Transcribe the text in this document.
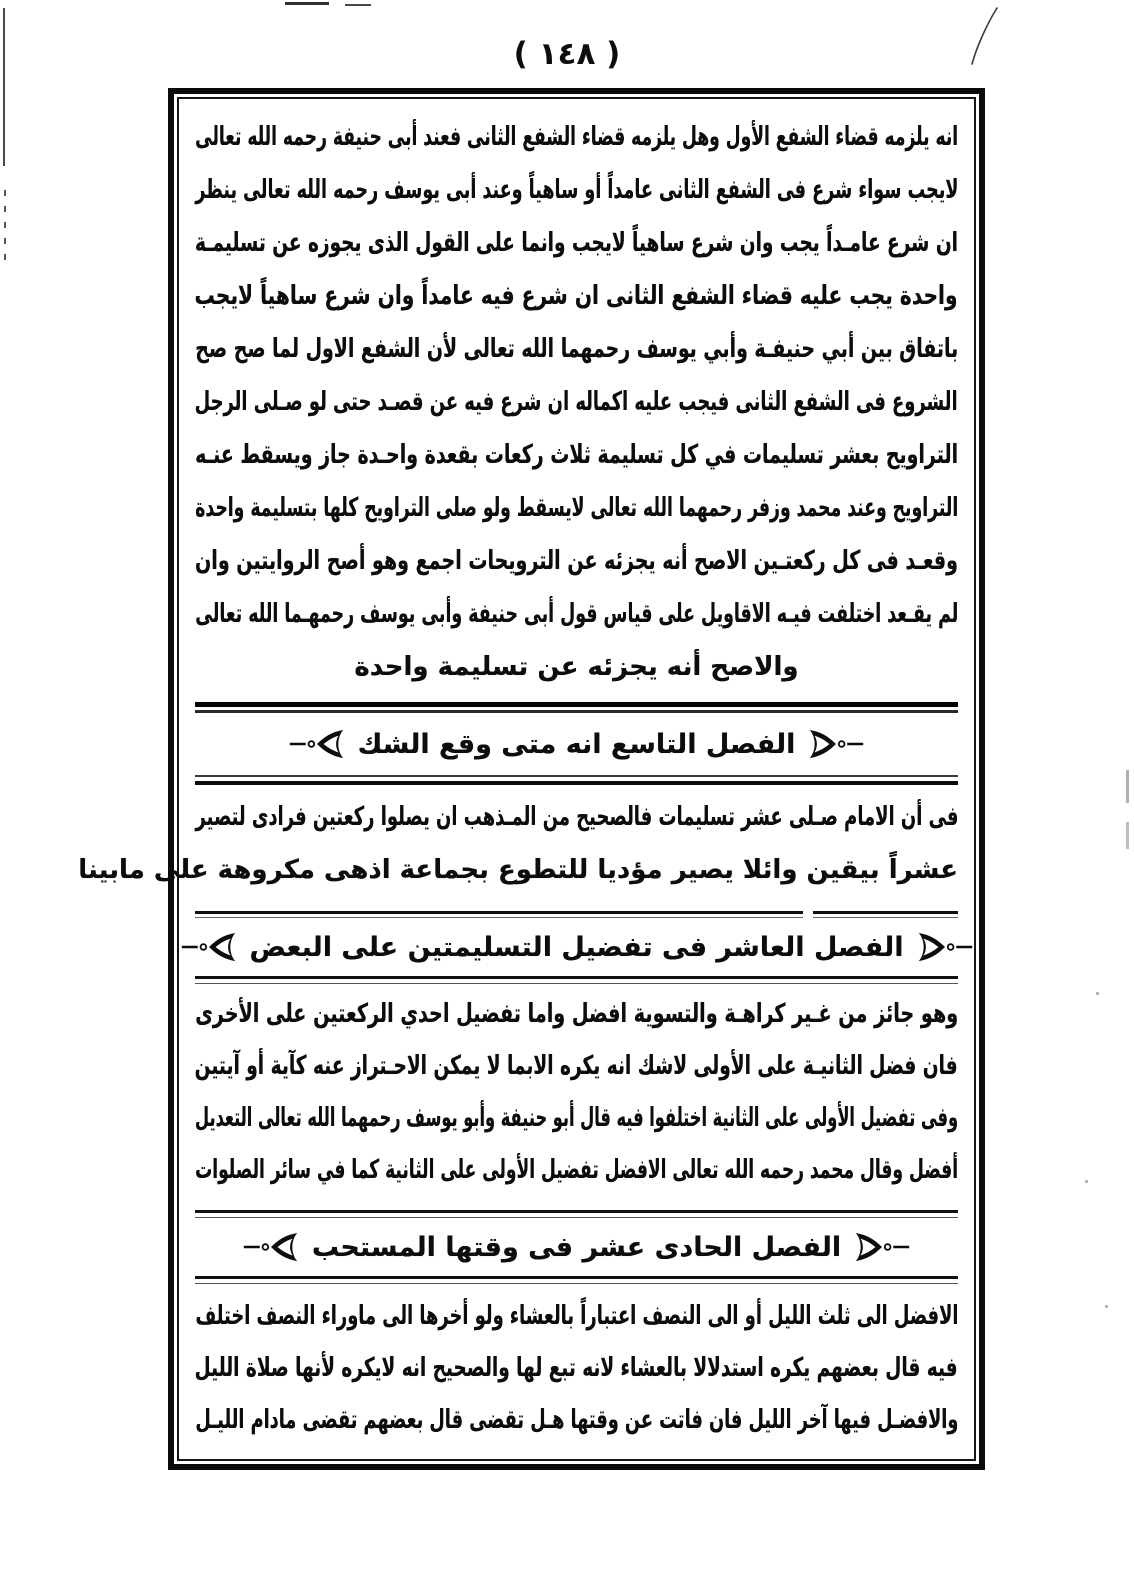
( ١٤٨ )
انه يلزمه قضاء الشفع الأول وهل يلزمه قضاء الشفع الثانى فعند أبى حنيفة رحمه الله تعالى
لايجب سواء شرع فى الشفع الثانى عامداً أو ساهياً وعند أبى يوسف رحمه الله تعالى ينظر
ان شرع عامـداً يجب وان شرع ساهياً لايجب وانما على القول الذى يجوزه عن تسليمـة
واحدة يجب عليه قضاء الشفع الثانى ان شرع فيه عامداً وان شرع ساهياً لايجب
باتفاق بين أبي حنيفـة وأبي يوسف رحمهما الله تعالى لأن الشفع الاول لما صح صح
الشروع فى الشفع الثانى فيجب عليه اكماله ان شرع فيه عن قصـد حتى لو صـلى الرجل
التراويح بعشر تسليمات في كل تسليمة ثلاث ركعات بقعدة واحـدة جاز ويسقط عنـه
التراويح وعند محمد وزفر رحمهما الله تعالى لايسقط ولو صلى التراويح كلها بتسليمة واحدة
وقعـد فى كل ركعتـين الاصح أنه يجزئه عن الترويحات اجمع وهو أصح الروايتين وان
لم يقـعد اختلفت فيـه الاقاويل على قياس قول أبى حنيفة وأبى يوسف رحمهـما الله تعالى
والاصح أنه يجزئه عن تسليمة واحدة
الفصل التاسع انه متى وقع الشك
فى أن الامام صـلى عشر تسليمات فالصحيح من المـذهب ان يصلوا ركعتين فرادى لتصير
عشراً بيقين وائلا يصير مؤديا للتطوع بجماعة اذهى مكروهة على مابينا
الفصل العاشر فى تفضيل التسليمتين على البعض
وهو جائز من غـير كراهـة والتسوية افضل واما تفضيل احدي الركعتين على الأخرى
فان فضل الثانيـة على الأولى لاشك انه يكره الابما لا يمكن الاحـتراز عنه كآية أو آيتين
وفى تفضيل الأولى على الثانية اختلفوا فيه قال أبو حنيفة وأبو يوسف رحمهما الله تعالى التعديل
أفضل وقال محمد رحمه الله تعالى الافضل تفضيل الأولى على الثانية كما في سائر الصلوات
الفصل الحادى عشر فى وقتها المستحب
الافضل الى ثلث الليل أو الى النصف اعتباراً بالعشاء ولو أخرها الى ماوراء النصف اختلف
فيه قال بعضهم يكره استدلالا بالعشاء لانه تبع لها والصحيح انه لايكره لأنها صلاة الليل
والافضـل فيها آخر الليل فان فاتت عن وقتها هـل تقضى قال بعضهم تقضى مادام الليـل
